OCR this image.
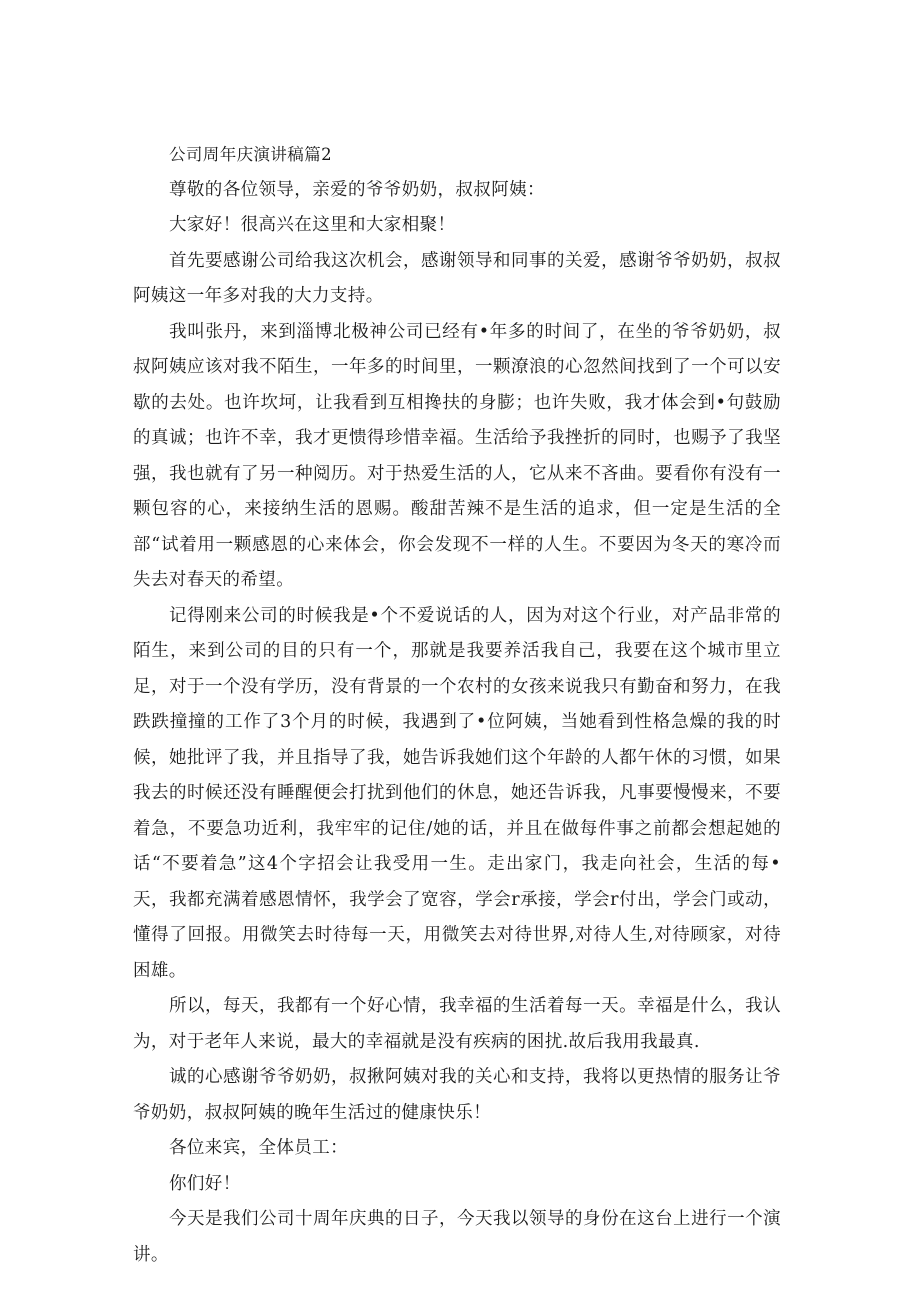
公司周年庆演讲稿篇2

尊敬的各位领导，亲爱的爷爷奶奶，叔叔阿姨：

大家好！很高兴在这里和大家相聚！

首先要感谢公司给我这次机会，感谢领导和同事的关爱，感谢爷爷奶奶，叔叔阿姨这一年多对我的大力支持。

我叫张丹，来到淄博北极神公司已经有•年多的时间了，在坐的爷爷奶奶，叔叔阿姨应该对我不陌生，一年多的时间里，一颗潦浪的心忽然间找到了一个可以安歇的去处。也许坎坷，让我看到互相搀扶的身膨；也许失败，我才体会到•句鼓励的真诚；也许不幸，我才更愦得珍惜幸福。生活给予我挫折的同时，也赐予了我坚强，我也就有了另一种阅历。对于热爱生活的人，它从来不吝曲。要看你有没有一颗包容的心，来接纳生活的恩赐。酸甜苦辣不是生活的追求，但一定是生活的全部“试着用一颗感恩的心来体会，你会发现不一样的人生。不要因为冬天的寒冷而失去对春天的希望。

记得刚来公司的时候我是•个不爱说话的人，因为对这个行业，对产品非常的陌生，来到公司的目的只有一个，那就是我要养活我自己，我要在这个城市里立足，对于一个没有学历，没有背景的一个农村的女孩来说我只有勤奋和努力，在我跌跌撞撞的工作了3个月的时候，我遇到了•位阿姨，当她看到性格急燥的我的时候，她批评了我，并且指导了我，她告诉我她们这个年龄的人都午休的习惯，如果我去的时候还没有睡醒便会打扰到他们的休息，她还告诉我，凡事要慢慢来，不要着急，不要急功近利，我牢牢的记住/她的话，并且在做每件事之前都会想起她的话“不要着急”这4个字招会让我受用一生。走出家门，我走向社会，生活的每•天，我都充满着感恩情怀，我学会了宽容，学会r承接，学会r付出，学会门或动，懂得了回报。用微笑去时待每一天，用微笑去对待世界,对待人生,对待顾家，对待困雄。

所以，每天，我都有一个好心情，我幸福的生活着每一天。幸福是什么，我认为，对于老年人来说，最大的幸福就是没有疾病的困扰.故后我用我最真.

诚的心感谢爷爷奶奶，叔揪阿姨对我的关心和支持，我将以更热情的服务让爷爷奶奶，叔叔阿姨的晚年生活过的健康快乐！

各位来宾，全体员工：

你们好！

今天是我们公司十周年庆典的日子，今天我以领导的身份在这台上进行一个演讲。
